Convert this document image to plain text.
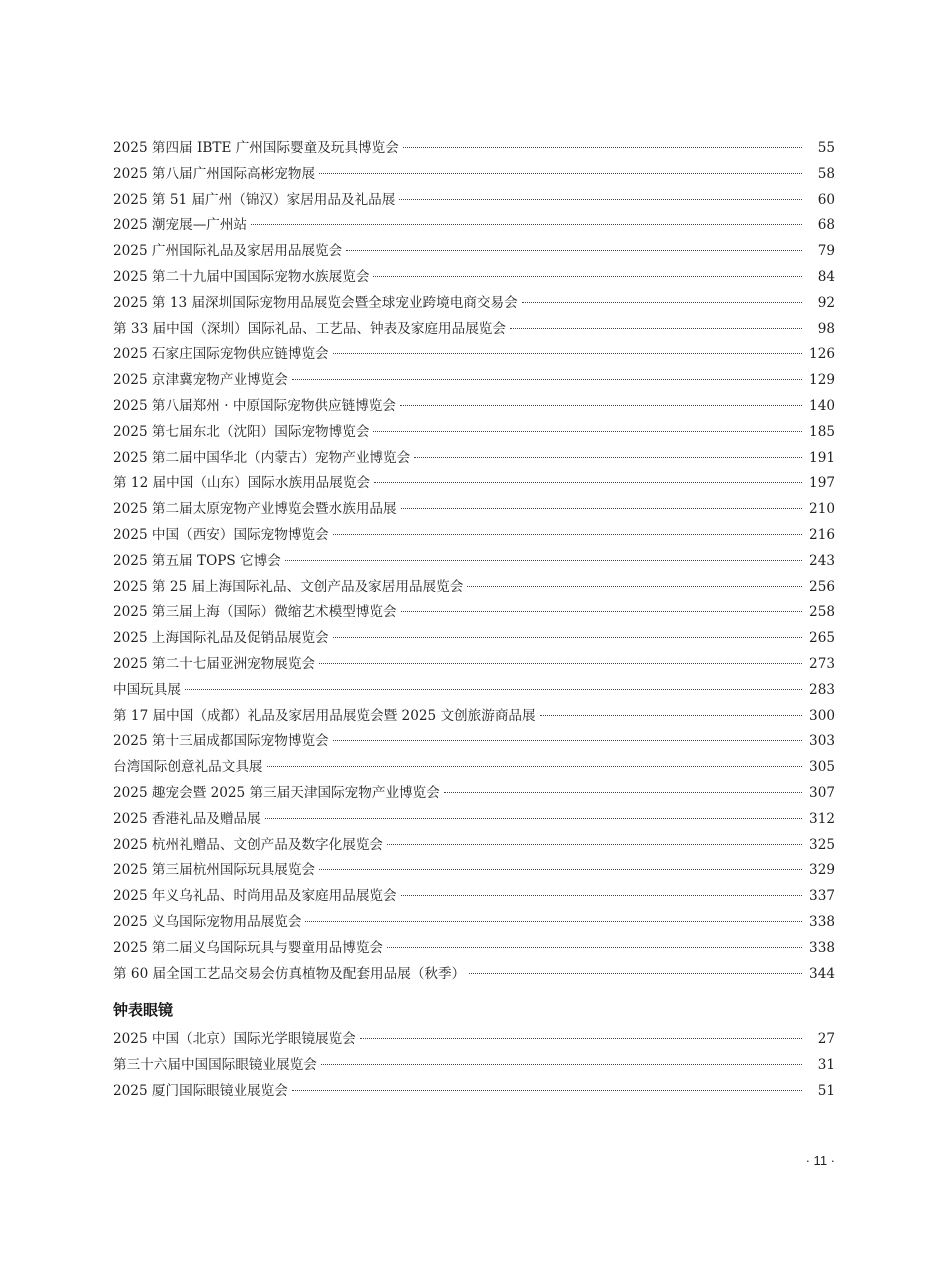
2025 第四届 IBTE 广州国际婴童及玩具博览会	55
2025 第八届广州国际高彬宠物展	58
2025 第 51 届广州（锦汉）家居用品及礼品展	60
2025 潮宠展—广州站	68
2025 广州国际礼品及家居用品展览会	79
2025 第二十九届中国国际宠物水族展览会	84
2025 第 13 届深圳国际宠物用品展览会暨全球宠业跨境电商交易会	92
第 33 届中国（深圳）国际礼品、工艺品、钟表及家庭用品展览会	98
2025 石家庄国际宠物供应链博览会	126
2025 京津冀宠物产业博览会	129
2025 第八届郑州 · 中原国际宠物供应链博览会	140
2025 第七届东北（沈阳）国际宠物博览会	185
2025 第二届中国华北（内蒙古）宠物产业博览会	191
第 12 届中国（山东）国际水族用品展览会	197
2025 第二届太原宠物产业博览会暨水族用品展	210
2025 中国（西安）国际宠物博览会	216
2025 第五届 TOPS 它博会	243
2025 第 25 届上海国际礼品、文创产品及家居用品展览会	256
2025 第三届上海（国际）微缩艺术模型博览会	258
2025 上海国际礼品及促销品展览会	265
2025 第二十七届亚洲宠物展览会	273
中国玩具展	283
第 17 届中国（成都）礼品及家居用品展览会暨 2025 文创旅游商品展	300
2025 第十三届成都国际宠物博览会	303
台湾国际创意礼品文具展	305
2025 趣宠会暨 2025 第三届天津国际宠物产业博览会	307
2025 香港礼品及赠品展	312
2025 杭州礼赠品、文创产品及数字化展览会	325
2025 第三届杭州国际玩具展览会	329
2025 年义乌礼品、时尚用品及家庭用品展览会	337
2025 义乌国际宠物用品展览会	338
2025 第二届义乌国际玩具与婴童用品博览会	338
第 60 届全国工艺品交易会仿真植物及配套用品展（秋季）	344
钟表眼镜
2025 中国（北京）国际光学眼镜展览会	27
第三十六届中国国际眼镜业展览会	31
2025 厦门国际眼镜业展览会	51
· 11 ·
